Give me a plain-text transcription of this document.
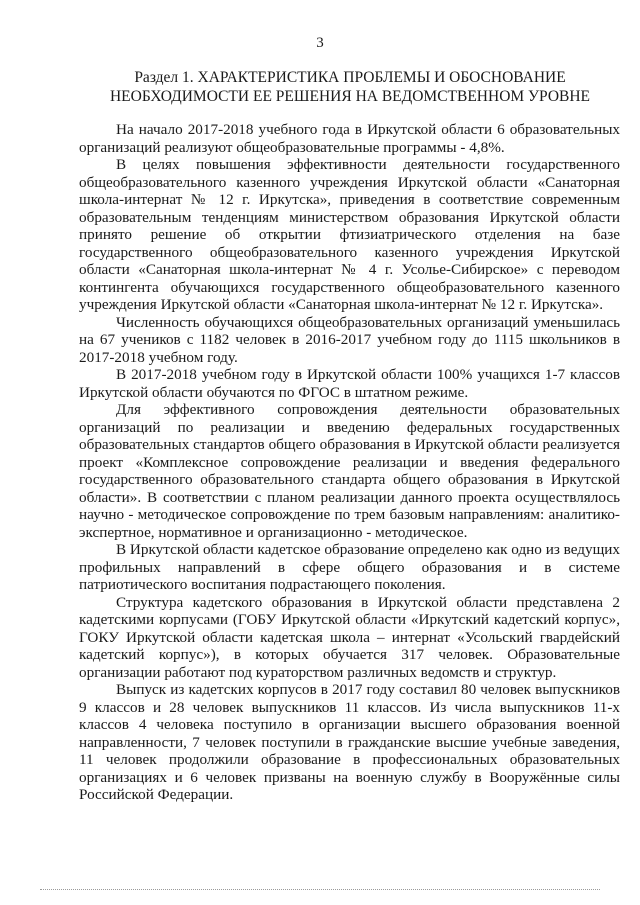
3
Раздел 1. ХАРАКТЕРИСТИКА ПРОБЛЕМЫ И ОБОСНОВАНИЕ
НЕОБХОДИМОСТИ ЕЕ РЕШЕНИЯ НА ВЕДОМСТВЕННОМ УРОВНЕ

На начало 2017-2018 учебного года в Иркутской области 6 образовательных организаций реализуют общеобразовательные программы - 4,8%.

В целях повышения эффективности деятельности государственного общеобразовательного казенного учреждения Иркутской области «Санаторная школа-интернат № 12 г. Иркутска», приведения в соответствие современным образовательным тенденциям министерством образования Иркутской области принято решение об открытии фтизиатрического отделения на базе государственного общеобразовательного казенного учреждения Иркутской области «Санаторная школа-интернат № 4 г. Усолье-Сибирское» с переводом контингента обучающихся государственного общеобразовательного казенного учреждения Иркутской области «Санаторная школа-интернат № 12 г. Иркутска».

Численность обучающихся общеобразовательных организаций уменьшилась на 67 учеников с 1182 человек в 2016-2017 учебном году до 1115 школьников в 2017-2018 учебном году.

В 2017-2018 учебном году в Иркутской области 100% учащихся 1-7 классов Иркутской области обучаются по ФГОС в штатном режиме.

Для эффективного сопровождения деятельности образовательных организаций по реализации и введению федеральных государственных образовательных стандартов общего образования в Иркутской области реализуется проект «Комплексное сопровождение реализации и введения федерального государственного образовательного стандарта общего образования в Иркутской области». В соответствии с планом реализации данного проекта осуществлялось научно - методическое сопровождение по трем базовым направлениям: аналитико-экспертное, нормативное и организационно - методическое.

В Иркутской области кадетское образование определено как одно из ведущих профильных направлений в сфере общего образования и в системе патриотического воспитания подрастающего поколения.

Структура кадетского образования в Иркутской области представлена 2 кадетскими корпусами (ГОБУ Иркутской области «Иркутский кадетский корпус», ГОКУ Иркутской области кадетская школа – интернат «Усольский гвардейский кадетский корпус»), в которых обучается 317 человек. Образовательные организации работают под кураторством различных ведомств и структур.

Выпуск из кадетских корпусов в 2017 году составил 80 человек выпускников 9 классов и 28 человек выпускников 11 классов. Из числа выпускников 11-х классов 4 человека поступило в организации высшего образования военной направленности, 7 человек поступили в гражданские высшие учебные заведения, 11 человек продолжили образование в профессиональных образовательных организациях и 6 человек призваны на военную службу в Вооружённые силы Российской Федерации.
